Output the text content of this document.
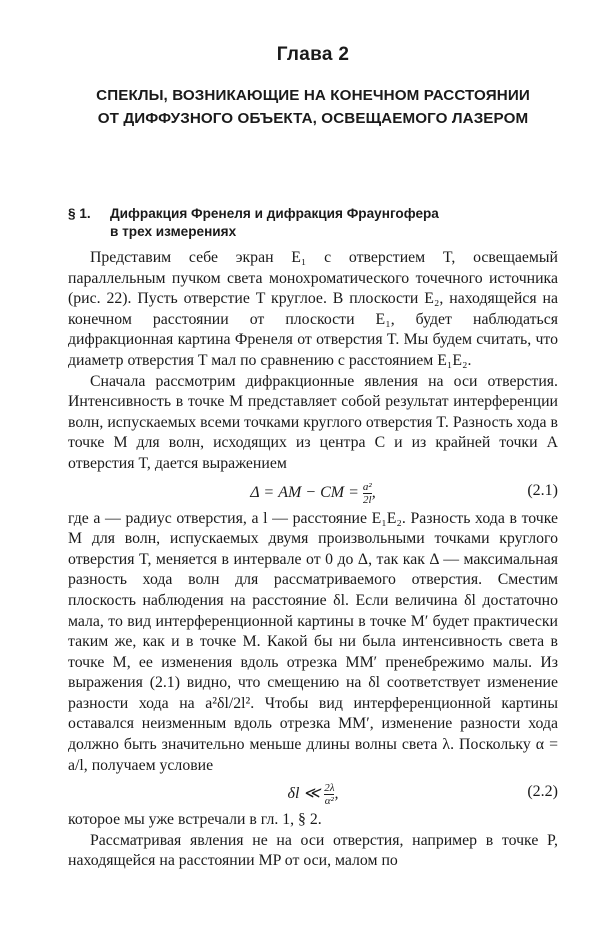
Глава 2
СПЕКЛЫ, ВОЗНИКАЮЩИЕ НА КОНЕЧНОМ РАССТОЯНИИ
ОТ ДИФФУЗНОГО ОБЪЕКТА, ОСВЕЩАЕМОГО ЛАЗЕРОМ
§ 1. Дифракция Френеля и дифракция Фраунгофера
в трех измерениях

Представим себе экран E₁ с отверстием T, освещаемый параллельным пучком света монохроматического точечного источника (рис. 22). Пусть отверстие T круглое. В плоскости E₂, находящейся на конечном расстоянии от плоскости E₁, будет наблюдаться дифракционная картина Френеля от отверстия T. Мы будем считать, что диаметр отверстия T мал по сравнению с расстоянием E₁E₂.

Сначала рассмотрим дифракционные явления на оси отверстия. Интенсивность в точке M представляет собой результат интерференции волн, испускаемых всеми точками круглого отверстия T. Разность хода в точке M для волн, исходящих из центра C и из крайней точки A отверстия T, дается выражением

Δ = AM − CM = $\frac{\text{a²}}{2l}$ ,	(2.1)

где a — радиус отверстия, а l — расстояние E₁E₂. Разность хода в точке M для волн, испускаемых двумя произвольными точками круглого отверстия T, меняется в интервале от 0 до Δ, так как Δ — максимальная разность хода волн для рассматриваемого отверстия. Сместим плоскость наблюдения на расстояние δl. Если величина δl достаточно мала, то вид интерференционной картины в точке M′ будет практически таким же, как и в точке M. Какой бы ни была интенсивность света в точке M, ее изменения вдоль отрезка MM′ пренебрежимо малы. Из выражения (2.1) видно, что смещению на δl соответствует изменение разности хода на a²δl/2l². Чтобы вид интерференционной картины оставался неизменным вдоль отрезка MM′, изменение разности хода должно быть значительно меньше длины волны света λ. Поскольку α = a/l, получаем условие

δl ≪ $\frac{2\lambda}{\text{α²}}$ ,	(2.2)

которое мы уже встречали в гл. 1, § 2.

Рассматривая явления не на оси отверстия, например в точке P, находящейся на расстоянии MP от оси, малом по
